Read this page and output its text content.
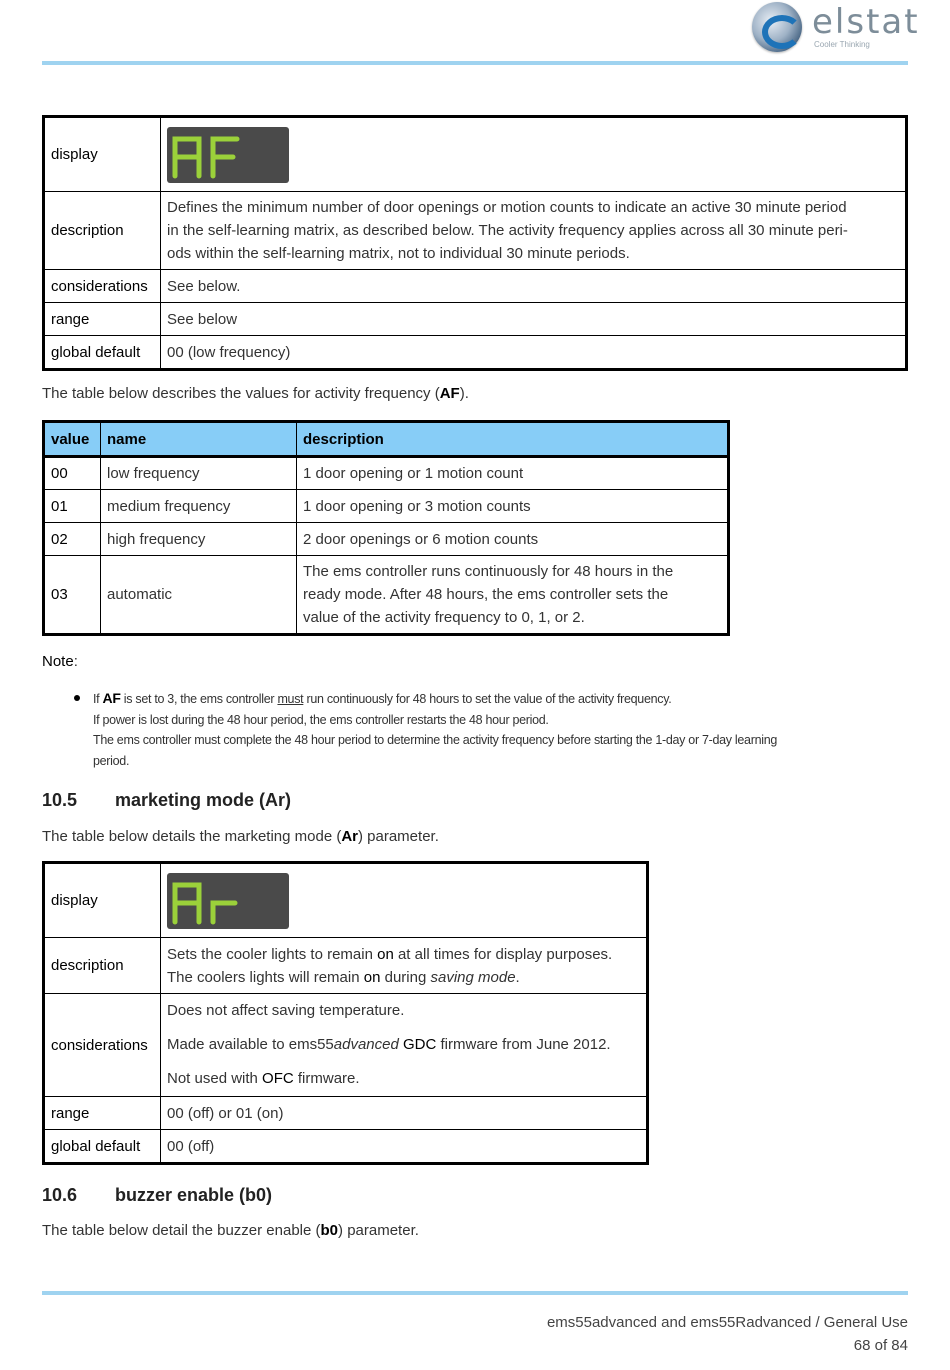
elstat
Cooler Thinking
display	

description	Defines the minimum number of door openings or motion counts to indicate an active 30 minute period
in the self-learning matrix, as described below. The activity frequency applies across all 30 minute peri-
ods within the self-learning matrix, not to individual 30 minute periods.

considerations	See below.
range	See below
global default	00 (low frequency)
The table below describes the values for activity frequency (AF).
value	name	description
00	low frequency	1 door opening or 1 motion count
01	medium frequency	1 door opening or 3 motion counts
02	high frequency	2 door openings or 6 motion counts
03	automatic	The ems controller runs continuously for 48 hours in the
ready mode. After 48 hours, the ems controller sets the
value of the activity frequency to 0, 1, or 2.
Note:
If AF is set to 3, the ems controller must run continuously for 48 hours to set the value of the activity frequency.
If power is lost during the 48 hour period, the ems controller restarts the 48 hour period.
The ems controller must complete the 48 hour period to determine the activity frequency before starting the 1-day or 7-day learning
period.
10.5 marketing mode (Ar)
The table below details the marketing mode (Ar) parameter.
display	

description	Sets the cooler lights to remain on at all times for display purposes.
The coolers lights will remain on during saving mode.

considerations	Does not affect saving temperature.
Made available to ems55advanced GDC firmware from June 2012.
Not used with OFC firmware.

range	00 (off) or 01 (on)
global default	00 (off)
10.6 buzzer enable (b0)
The table below detail the buzzer enable (b0) parameter.
ems55advanced and ems55Radvanced / General Use
68 of 84
